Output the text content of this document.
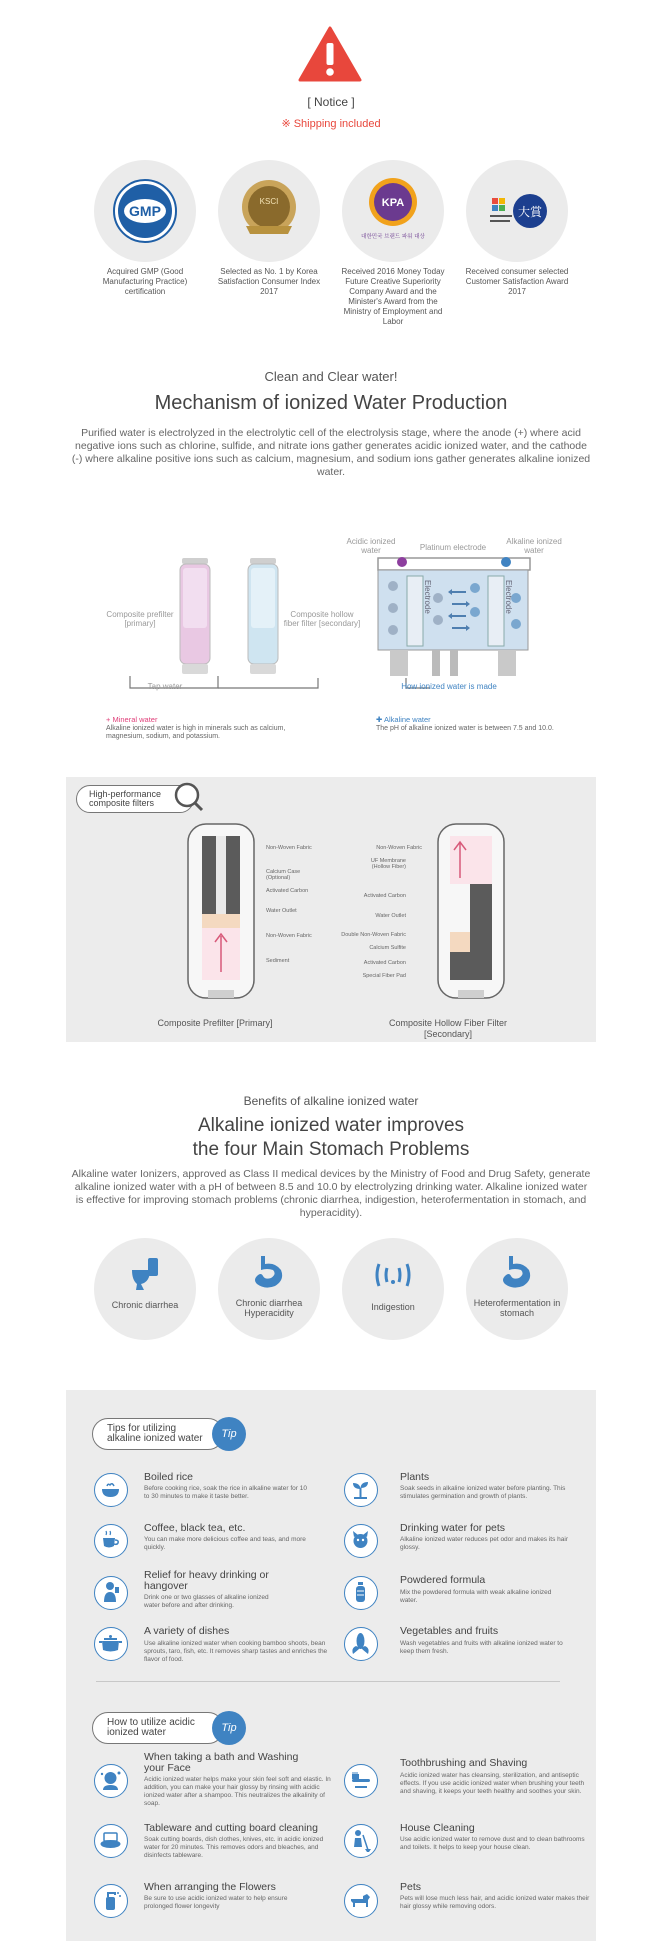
[ Notice ]
※ Shipping included
GMP
KSCI	KPA
대한민국 브랜드 파워 대상
大賞
Acquired GMP (Good Manufacturing Practice) certification
Selected as No. 1 by Korea Satisfaction Consumer Index 2017
Received 2016 Money Today Future Creative Superiority Company Award and the Minister's Award from the Ministry of Employment and Labor
Received consumer selected Customer Satisfaction Award 2017
Clean and Clear water!
Mechanism of ionized Water Production
Purified water is electrolyzed in the electrolytic cell of the electrolysis stage, where the anode (+) where acid negative ions such as chlorine, sulfide, and nitrate ions gather generates acidic ionized water, and the cathode (-) where alkaline positive ions such as calcium, magnesium, and sodium ions gather generates alkaline ionized water.
Composite prefilter [primary]
Composite hollow fiber filter [secondary]
Tap water
Acidic ionized water	Platinum electrode
Alkaline ionized water
Electrode	Electrode
How ionized water is made
+ Mineral water
Alkaline ionized water is high in minerals such as calcium, magnesium, sodium, and potassium.
✚ Alkaline water
The pH of alkaline ionized water is between 7.5 and 10.0.
High-performance composite filters
Non-Woven Fabric
Calcium Case (Optional)
Activated Carbon
Water Outlet
Non-Woven Fabric
Sediment
Composite Prefilter [Primary]
Non-Woven Fabric
UF Membrane (Hollow Fiber)
Activated Carbon
Water Outlet
Double Non-Woven Fabric
Calcium Sulfite
Activated Carbon
Special Fiber Pad
Composite Hollow Fiber Filter [Secondary]
Benefits of alkaline ionized water
Alkaline ionized water improves
the four Main Stomach Problems
Alkaline water Ionizers, approved as Class II medical devices by the Ministry of Food and Drug Safety, generate alkaline ionized water with a pH of between 8.5 and 10.0 by electrolyzing drinking water. Alkaline ionized water is effective for improving stomach problems (chronic diarrhea, indigestion, heterofermentation in stomach, and hyperacidity).
Chronic diarrhea	Chronic diarrhea Hyperacidity
Indigestion	Heterofermentation in stomach
Tips for utilizing alkaline ionized water	Tip
How to utilize acidic ionized water	Tip
Boiled rice
Before cooking rice, soak the rice in alkaline water for 10 to 30 minutes to make it taste better.
Plants
Soak seeds in alkaline ionized water before planting. This stimulates germination and growth of plants.
Coffee, black tea, etc.
You can make more delicious coffee and teas, and more quickly.
Drinking water for pets
Alkaline ionized water reduces pet odor and makes its hair glossy.
Relief for heavy drinking or hangover
Drink one or two glasses of alkaline ionized water before and after drinking.
Powdered formula
Mix the powdered formula with weak alkaline ionized water.
A variety of dishes
Use alkaline ionized water when cooking bamboo shoots, bean sprouts, taro, fish, etc. It removes sharp tastes and enriches the flavor of food.
Vegetables and fruits
Wash vegetables and fruits with alkaline ionized water to keep them fresh.
When taking a bath and Washing your Face
Acidic ionized water helps make your skin feel soft and elastic. In addition, you can make your hair glossy by rinsing with acidic ionized water after a shampoo. This neutralizes the alkalinity of soap.
Toothbrushing and Shaving
Acidic ionized water has cleansing, sterilization, and antiseptic effects. If you use acidic ionized water when brushing your teeth and shaving, it keeps your teeth healthy and soothes your skin.
Tableware and cutting board cleaning
Soak cutting boards, dish clothes, knives, etc. in acidic ionized water for 20 minutes. This removes odors and bleaches, and disinfects tableware.
House Cleaning
Use acidic ionized water to remove dust and to clean bathrooms and toilets. It helps to keep your house clean.
When arranging the Flowers
Be sure to use acidic ionized water to help ensure prolonged flower longevity
Pets
Pets will lose much less hair, and acidic ionized water makes their hair glossy while removing odors.
